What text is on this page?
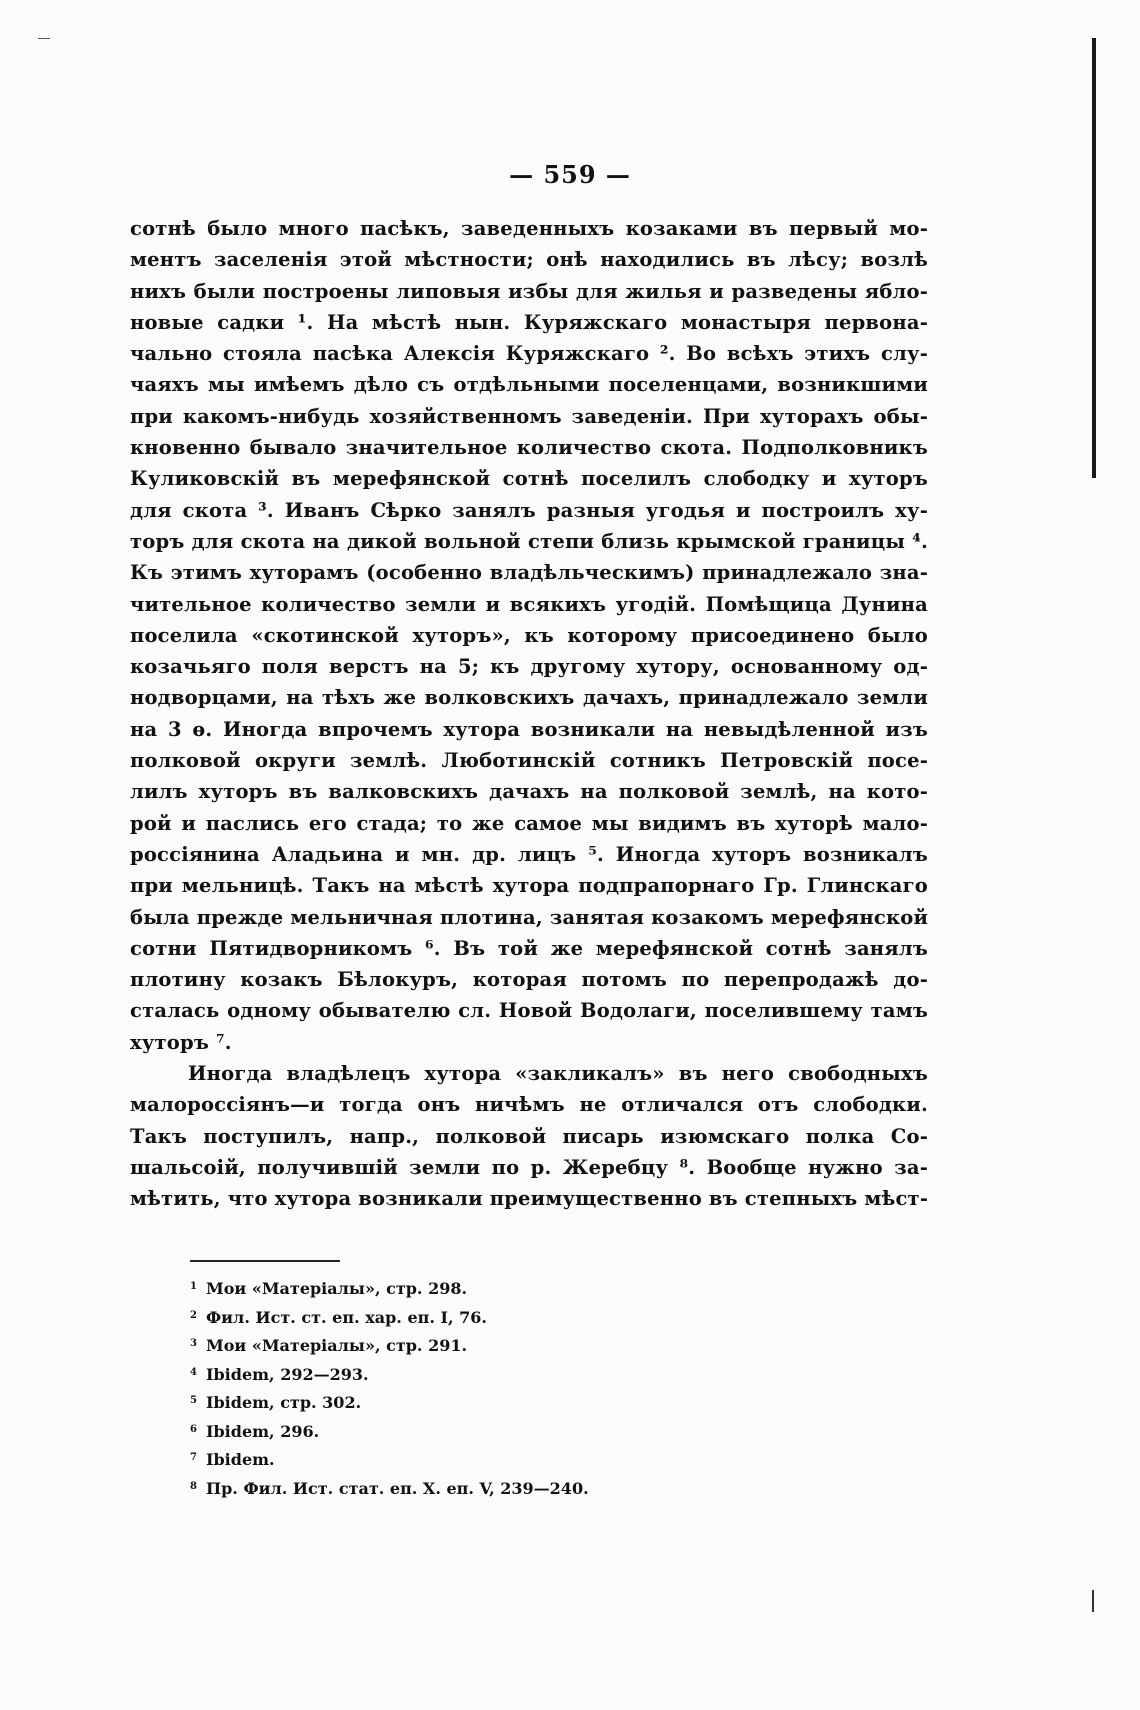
— 559 —
сотнѣ было много пасѣкъ, заведенныхъ козаками въ первый мо-
ментъ заселенія этой мѣстности; онѣ находились въ лѣсу; возлѣ
нихъ были построены липовыя избы для жилья и разведены ябло-
новые садки ¹. На мѣстѣ нын. Куряжскаго монастыря первона-
чально стояла пасѣка Алексія Куряжскаго ². Во всѣхъ этихъ слу-
чаяхъ мы имѣемъ дѣло съ отдѣльными поселенцами, возникшими
при какомъ-нибудь хозяйственномъ заведеніи. При хуторахъ обы-
кновенно бывало значительное количество скота. Подполковникъ
Куликовскій въ мерефянской сотнѣ поселилъ слободку и хуторъ
для скота ³. Иванъ Сѣрко занялъ разныя угодья и построилъ ху-
торъ для скота на дикой вольной степи близь крымской границы ⁴.
Къ этимъ хуторамъ (особенно владѣльческимъ) принадлежало зна-
чительное количество земли и всякихъ угодій. Помѣщица Дунина
поселила «скотинской хуторъ», къ которому присоединено было
козачьяго поля верстъ на 5; къ другому хутору, основанному од-
нодворцами, на тѣхъ же волковскихъ дачахъ, принадлежало земли
на 3 ѳ. Иногда впрочемъ хутора возникали на невыдѣленной изъ
полковой округи землѣ. Люботинскій сотникъ Петровскій посе-
лилъ хуторъ въ валковскихъ дачахъ на полковой землѣ, на кото-
рой и паслись его стада; то же самое мы видимъ въ хуторѣ мало-
россіянина Аладьина и мн. др. лицъ ⁵. Иногда хуторъ возникалъ
при мельницѣ. Такъ на мѣстѣ хутора подпрапорнаго Гр. Глинскаго
была прежде мельничная плотина, занятая козакомъ мерефянской
сотни Пятидворникомъ ⁶. Въ той же мерефянской сотнѣ занялъ
плотину козакъ Бѣлокуръ, которая потомъ по перепродажѣ до-
сталась одному обывателю сл. Новой Водолаги, поселившему тамъ
хуторъ ⁷.
Иногда владѣлецъ хутора «закликалъ» въ него свободныхъ
малороссіянъ—и тогда онъ ничѣмъ не отличался отъ слободки.
Такъ поступилъ, напр., полковой писарь изюмскаго полка Со-
шальсоій, получившій земли по р. Жеребцу ⁸. Вообще нужно за-
мѣтить, что хутора возникали преимущественно въ степныхъ мѣст-
1 Мои «Матеріалы», стр. 298.
2 Фил. Ист. ст. еп. хар. еп. I, 76.
3 Мои «Матеріалы», стр. 291.
4 Ibidem, 292—293.
5 Ibidem, стр. 302.
6 Ibidem, 296.
7 Ibidem.
8 Пр. Фил. Ист. стат. еп. X. еп. V, 239—240.
